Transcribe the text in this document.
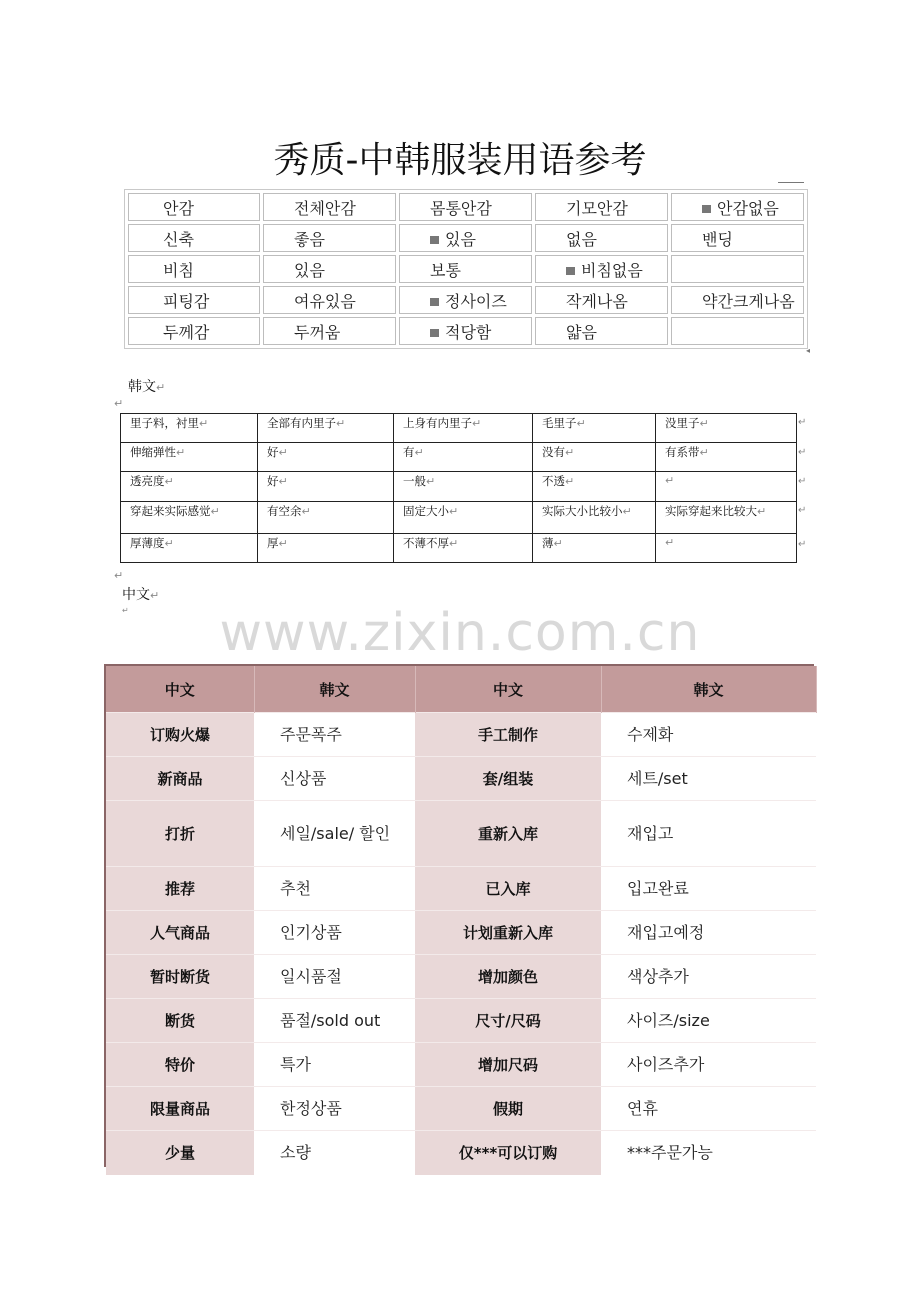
秀质-中韩服装用语参考
안감	전체안감	몸통안감	기모안감	안감없음
신축	좋음	있음	없음	밴딩
비침	있음	보통	비침없음	
피팅감	여유있음	정사이즈	작게나옴	약간크게나옴
두께감	두꺼움	적당함	얇음	
◂
韩文↵
↵
里子料，衬里↵	全部有内里子↵	上身有内里子↵	毛里子↵	没里子↵
伸缩弹性↵	好↵	有↵	没有↵	有系带↵
透亮度↵	好↵	一般↵	不透↵	↵
穿起来实际感觉↵	有空余↵	固定大小↵	实际大小比较小↵	实际穿起来比较大↵
厚薄度↵	厚↵	不薄不厚↵	薄↵	↵
↵
↵
↵
↵
↵
↵
中文↵
↵	www.zixin.com.cn
中文	韩文	中文	韩文
订购火爆	주문폭주	手工制作	수제화
新商品	신상품	套/组装	세트/set
打折	세일/sale/ 할인	重新入库	재입고
推荐	추천	已入库	입고완료
人气商品	인기상품	计划重新入库	재입고예정
暂时断货	일시품절	增加颜色	색상추가
断货	품절/sold out	尺寸/尺码	사이즈/size
特价	특가	增加尺码	사이즈추가
限量商品	한정상품	假期	연휴
少量	소량	仅***可以订购	***주문가능
